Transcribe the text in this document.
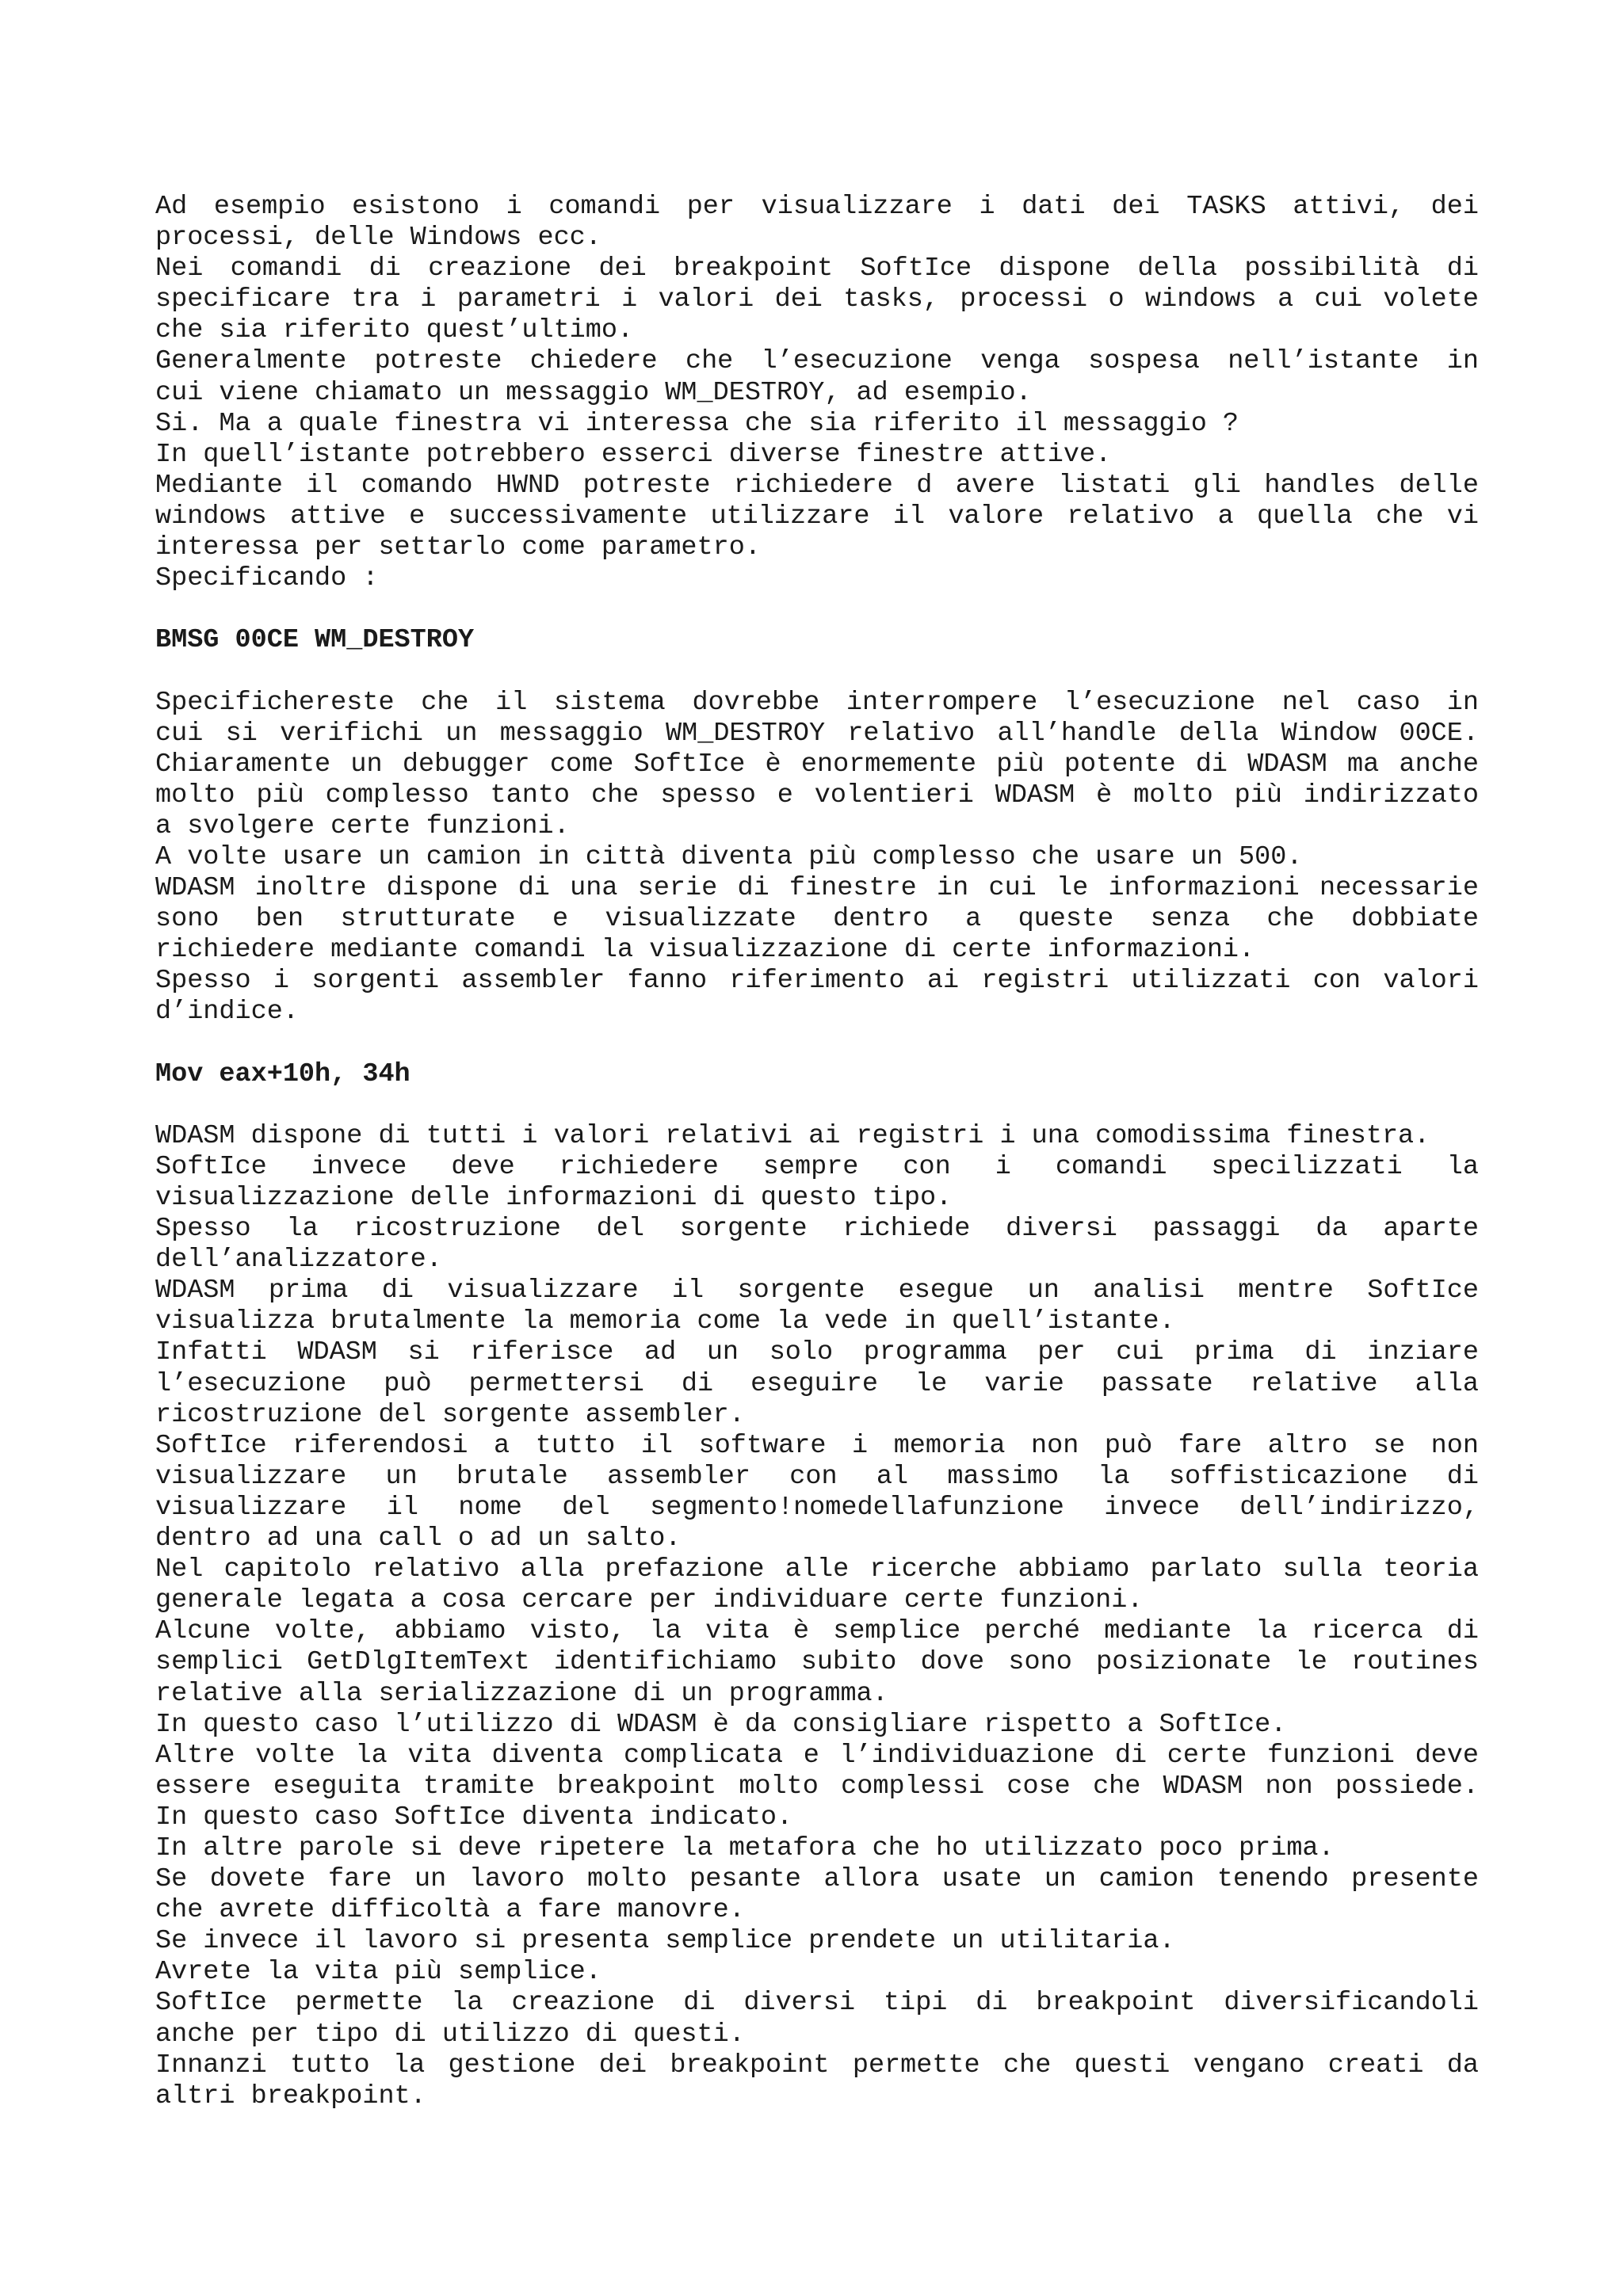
Ad esempio esistono i comandi per visualizzare i dati dei TASKS attivi, dei
processi, delle Windows ecc.
Nei comandi di creazione dei breakpoint SoftIce dispone della possibilità di
specificare tra i parametri i valori dei tasks, processi o windows a cui volete
che sia riferito quest’ultimo.
Generalmente potreste chiedere che l’esecuzione venga sospesa nell’istante in
cui viene chiamato un messaggio WM_DESTROY, ad esempio.
Si. Ma a quale finestra vi interessa che sia riferito il messaggio ?
In quell’istante potrebbero esserci diverse finestre attive.
Mediante il comando HWND potreste richiedere d avere listati gli handles delle
windows attive e successivamente utilizzare il valore relativo a quella che vi
interessa per settarlo come parametro.
Specificando :
BMSG 00CE WM_DESTROY
Specifichereste che il sistema dovrebbe interrompere l’esecuzione nel caso in
cui si verifichi un messaggio WM_DESTROY relativo all’handle della Window 00CE.
Chiaramente un debugger come SoftIce è enormemente più potente di WDASM ma anche
molto più complesso tanto che spesso e volentieri WDASM è molto più indirizzato
a svolgere certe funzioni.
A volte usare un camion in città diventa più complesso che usare un 500.
WDASM inoltre dispone di una serie di finestre in cui le informazioni necessarie
sono ben strutturate e visualizzate dentro a queste senza che dobbiate
richiedere mediante comandi la visualizzazione di certe informazioni.
Spesso i sorgenti assembler fanno riferimento ai registri utilizzati con valori
d’indice.
Mov eax+10h, 34h
WDASM dispone di tutti i valori relativi ai registri i una comodissima finestra.
SoftIce invece deve richiedere sempre con i comandi specilizzati la
visualizzazione delle informazioni di questo tipo.
Spesso la ricostruzione del sorgente richiede diversi passaggi da aparte
dell’analizzatore.
WDASM prima di visualizzare il sorgente esegue un analisi mentre SoftIce
visualizza brutalmente la memoria come la vede in quell’istante.
Infatti WDASM si riferisce ad un solo programma per cui prima di inziare
l’esecuzione può permettersi di eseguire le varie passate relative alla
ricostruzione del sorgente assembler.
SoftIce riferendosi a tutto il software i memoria non può fare altro se non
visualizzare un brutale assembler con al massimo la soffisticazione di
visualizzare il nome del segmento!nomedellafunzione invece dell’indirizzo,
dentro ad una call o ad un salto.
Nel capitolo relativo alla prefazione alle ricerche abbiamo parlato sulla teoria
generale legata a cosa cercare per individuare certe funzioni.
Alcune volte, abbiamo visto, la vita è semplice perché mediante la ricerca di
semplici GetDlgItemText identifichiamo subito dove sono posizionate le routines
relative alla serializzazione di un programma.
In questo caso l’utilizzo di WDASM è da consigliare rispetto a SoftIce.
Altre volte la vita diventa complicata e l’individuazione di certe funzioni deve
essere eseguita tramite breakpoint molto complessi cose che WDASM non possiede.
In questo caso SoftIce diventa indicato.
In altre parole si deve ripetere la metafora che ho utilizzato poco prima.
Se dovete fare un lavoro molto pesante allora usate un camion tenendo presente
che avrete difficoltà a fare manovre.
Se invece il lavoro si presenta semplice prendete un utilitaria.
Avrete la vita più semplice.
SoftIce permette la creazione di diversi tipi di breakpoint diversificandoli
anche per tipo di utilizzo di questi.
Innanzi tutto la gestione dei breakpoint permette che questi vengano creati da
altri breakpoint.
